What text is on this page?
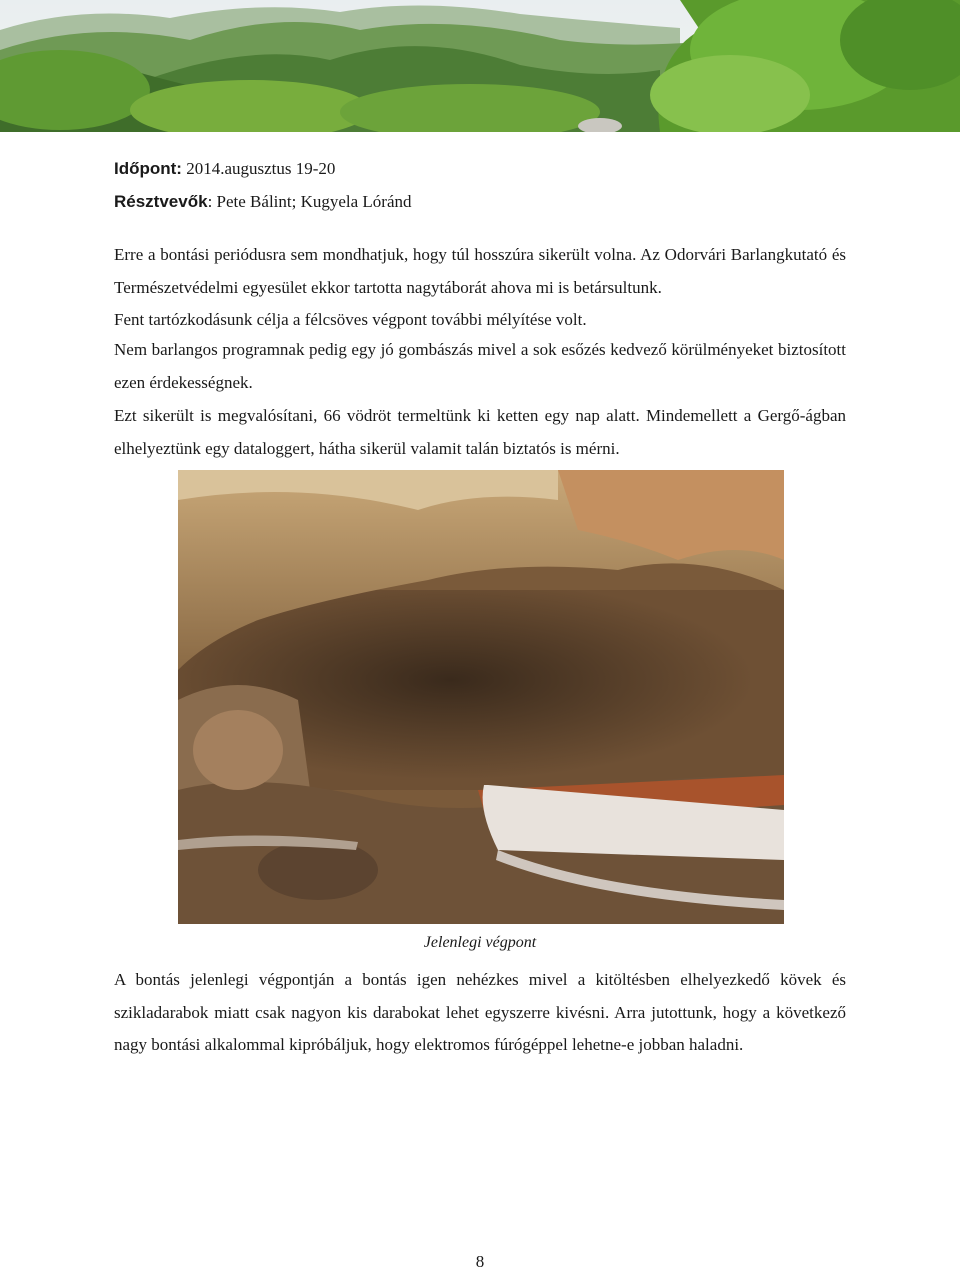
Időpont: 2014.augusztus 19-20
Résztvevők: Pete Bálint; Kugyela Lóránd
Erre a bontási periódusra sem mondhatjuk, hogy túl hosszúra sikerült volna. Az Odorvári Barlangkutató és Természetvédelmi egyesület ekkor tartotta nagytáborát ahova mi is betársultunk.
Fent tartózkodásunk célja a félcsöves végpont további mélyítése volt.

Nem barlangos programnak pedig egy jó gombászás mivel a sok esőzés kedvező körülményeket biztosított ezen érdekességnek.

Ezt sikerült is megvalósítani, 66 vödröt termeltünk ki ketten egy nap alatt. Mindemellett a Gergő-ágban elhelyeztünk egy dataloggert, hátha sikerül valamit talán biztatós is mérni.

Jelenlegi végpont

A bontás jelenlegi végpontján a bontás igen nehézkes mivel a kitöltésben elhelyezkedő kövek és szikladarabok miatt csak nagyon kis darabokat lehet egyszerre kivésni. Arra jutottunk, hogy a következő nagy bontási alkalommal kipróbáljuk, hogy elektromos fúrógéppel lehetne-e jobban haladni.

8
